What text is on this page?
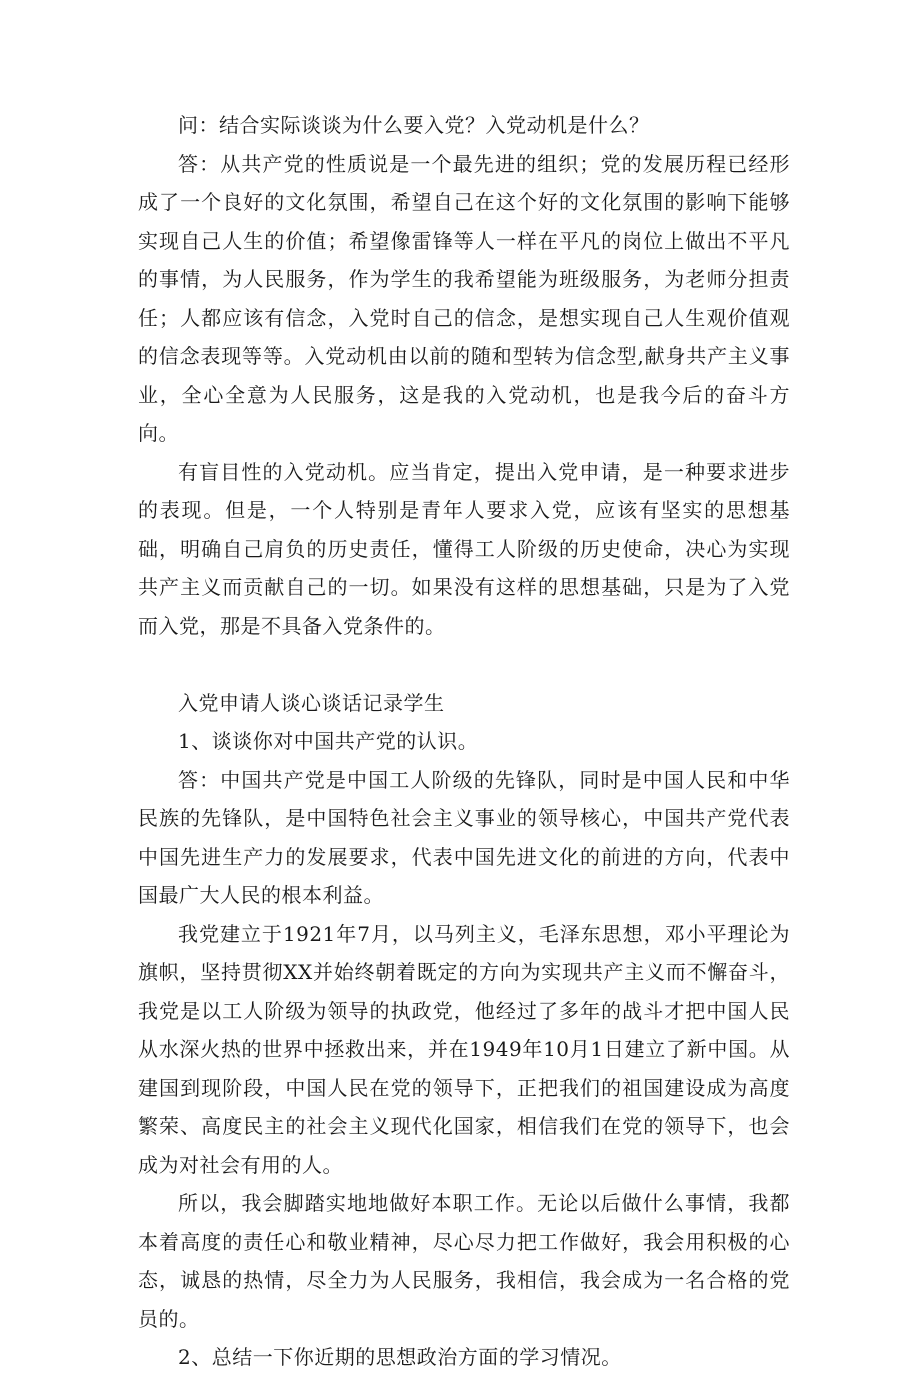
问：结合实际谈谈为什么要入党？入党动机是什么？

答：从共产党的性质说是一个最先进的组织；党的发展历程已经形成了一个良好的文化氛围，希望自己在这个好的文化氛围的影响下能够实现自己人生的价值；希望像雷锋等人一样在平凡的岗位上做出不平凡的事情，为人民服务，作为学生的我希望能为班级服务，为老师分担责任；人都应该有信念，入党时自己的信念，是想实现自己人生观价值观的信念表现等等。入党动机由以前的随和型转为信念型,献身共产主义事业，全心全意为人民服务，这是我的入党动机，也是我今后的奋斗方向。

有盲目性的入党动机。应当肯定，提出入党申请，是一种要求进步的表现。但是，一个人特别是青年人要求入党，应该有坚实的思想基础，明确自己肩负的历史责任，懂得工人阶级的历史使命，决心为实现共产主义而贡献自己的一切。如果没有这样的思想基础，只是为了入党而入党，那是不具备入党条件的。

入党申请人谈心谈话记录学生

1、谈谈你对中国共产党的认识。

答：中国共产党是中国工人阶级的先锋队，同时是中国人民和中华民族的先锋队，是中国特色社会主义事业的领导核心，中国共产党代表中国先进生产力的发展要求，代表中国先进文化的前进的方向，代表中国最广大人民的根本利益。

我党建立于1921年7月，以马列主义，毛泽东思想，邓小平理论为旗帜，坚持贯彻XX并始终朝着既定的方向为实现共产主义而不懈奋斗，我党是以工人阶级为领导的执政党，他经过了多年的战斗才把中国人民从水深火热的世界中拯救出来，并在1949年10月1日建立了新中国。从建国到现阶段，中国人民在党的领导下，正把我们的祖国建设成为高度繁荣、高度民主的社会主义现代化国家，相信我们在党的领导下，也会成为对社会有用的人。

所以，我会脚踏实地地做好本职工作。无论以后做什么事情，我都本着高度的责任心和敬业精神，尽心尽力把工作做好，我会用积极的心态，诚恳的热情，尽全力为人民服务，我相信，我会成为一名合格的党员的。

2、总结一下你近期的思想政治方面的学习情况。
